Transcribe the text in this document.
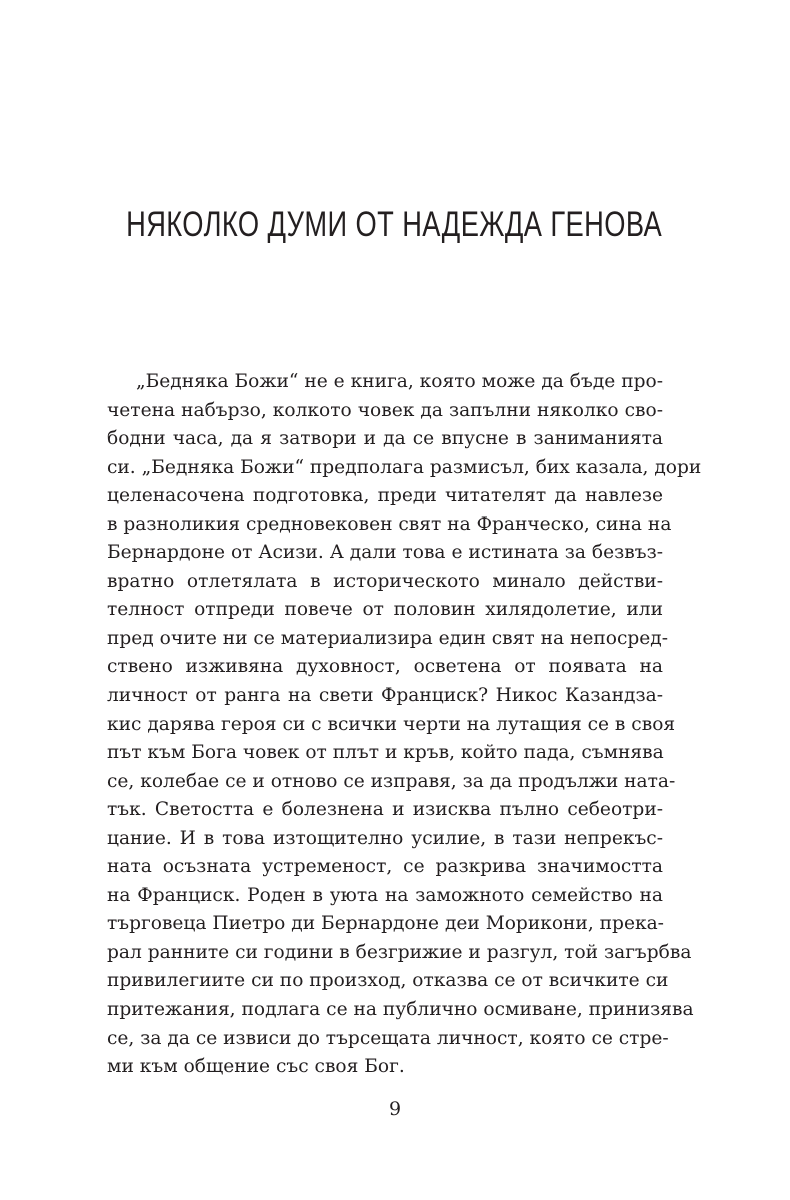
НЯКОЛКО ДУМИ ОТ НАДЕЖДА ГЕНОВА
„Бедняка Божи“ не е книга, която може да бъде про-
четена набързо, колкото човек да запълни няколко сво-
бодни часа, да я затвори и да се впусне в заниманията
си. „Бедняка Божи“ предполага размисъл, бих казала, дори
целенасочена подготовка, преди читателят да навлезе
в разноликия средновековен свят на Франческо, сина на
Бернардоне от Асизи. А дали това е истината за безвъз-
вратно отлетялата в историческото минало действи-
телност отпреди повече от половин хилядолетие, или
пред очите ни се материализира един свят на непосред-
ствено изживяна духовност, осветена от появата на
личност от ранга на свети Франциск? Никос Казандза-
кис дарява героя си с всички черти на лутащия се в своя
път към Бога човек от плът и кръв, който пада, съмнява
се, колебае се и отново се изправя, за да продължи ната-
тък. Светостта е болезнена и изисква пълно себеотри-
цание. И в това изтощително усилие, в тази непрекъс-
ната осъзната устременост, се разкрива значимостта
на Франциск. Роден в уюта на заможното семейство на
търговеца Пиетро ди Бернардоне деи Морикони, прека-
рал ранните си години в безгрижие и разгул, той загърбва
привилегиите си по произход, отказва се от всичките си
притежания, подлага се на публично осмиване, принизява
се, за да се извиси до търсещата личност, която се стре-
ми към общение със своя Бог.
9
